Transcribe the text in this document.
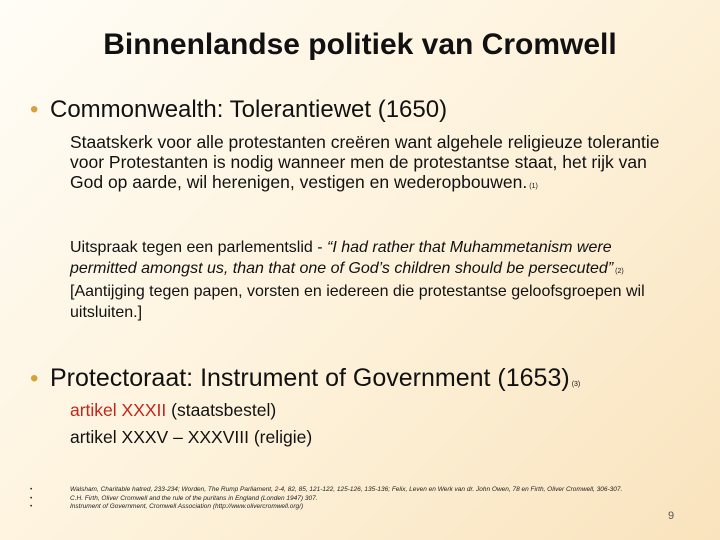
Binnenlandse politiek van Cromwell
• Commonwealth: Tolerantiewet (1650)
Staatskerk voor alle protestanten creëren want algehele religieuze tolerantie voor Protestanten is nodig wanneer men de protestantse staat, het rijk van God op aarde, wil herenigen, vestigen en wederopbouwen. (1)
Uitspraak tegen een parlementslid - “I had rather that Muhammetanism were permitted amongst us, than that one of God’s children should be persecuted” (2) [Aantijging tegen papen, vorsten en iedereen die protestantse geloofsgroepen wil uitsluiten.]
• Protectoraat: Instrument of Government (1653) (3)
artikel XXXII (staatsbestel)
artikel XXXV – XXXVIII (religie)
• Walsham, Charitable hatred, 233-234; Worden, The Rump Parliament, 2-4, 82, 85, 121-122, 125-126, 135-136; Felix, Leven en Werk van dr. John Owen, 78 en Firth, Oliver Cromwell, 306-307.
• C.H. Firth, Oliver Cromwell and the rule of the puritans in England (Londen 1947) 307.
• Instrument of Government, Cromwell Association (http://www.olivercromwell.org/)
9
